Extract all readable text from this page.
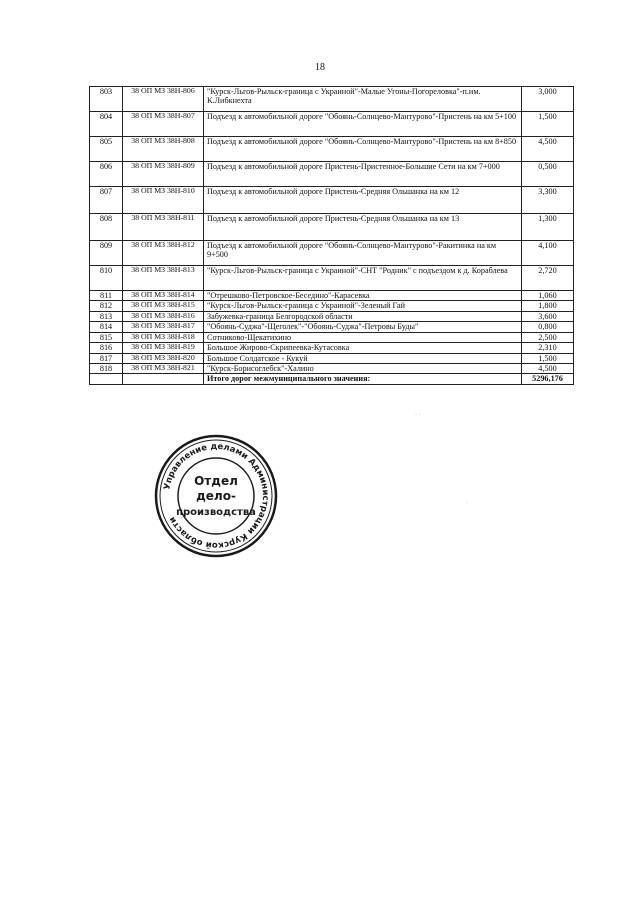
18
803	38 ОП МЗ 38Н-806	"Курск-Льгов-Рыльск-граница с Украиной"-Малые Угоны-Погореловка"-п.им. К.Либкнехта	3,000
804	38 ОП МЗ 38Н-807	Подъезд к автомобильной дороге "Обоянь-Солнцево-Мантурово"-Пристень на км 5+100	1,500
805	38 ОП МЗ 38Н-808	Подъезд к автомобильной дороге "Обоянь-Солнцево-Мантурово"-Пристень на км 8+850	4,500
806	38 ОП МЗ 38Н-809	Подъезд к автомобильной дороге Пристень-Пристенное-Большие Сети на км 7+000	0,500
807	38 ОП МЗ 38Н-810	Подъезд к автомобильной дороге Пристень-Средняя Ольшанка на км 12	3,300
808	38 ОП МЗ 38Н-811	Подъезд к автомобильной дороге Пристень-Средняя Ольшанка на км 13	1,300
809	38 ОП МЗ 38Н-812	Подъезд к автомобильной дороге "Обоянь-Солнцево-Мантурово"-Ракитинка на км 9+500	4,100
810	38 ОП МЗ 38Н-813	"Курск-Льгов-Рыльск-граница с Украиной"-СНТ "Родник" с подъездом к д. Кораблева	2,720
811	38 ОП МЗ 38Н-814	"Отрешково-Петровское-Беседино"-Карасевка	1,060
812	38 ОП МЗ 38Н-815	"Курск-Льгов-Рыльск-граница с Украиной"-Зеленый Гай	1,800
813	38 ОП МЗ 38Н-816	Забужевка-граница Белгородской области	3,600
814	38 ОП МЗ 38Н-817	"Обоянь-Суджа"-Щеголек"-"Обоянь-Суджа"-Петровы Буды"	0,800
815	38 ОП МЗ 38Н-818	Сотниково-Щекатихино	2,500
816	38 ОП МЗ 38Н-819	Большое Жирово-Скрипеевка-Кутасовка	2,310
817	38 ОП МЗ 38Н-820	Большое Солдатское - Кукуй	1,500
818	38 ОП МЗ 38Н-821	"Курск-Борисоглебск"-Халино	4,500
		Итого дорог межмуниципального значения:	5296,176
Управление делами Администрации Курской области
Отдел
дело-
производства
· ·
·
